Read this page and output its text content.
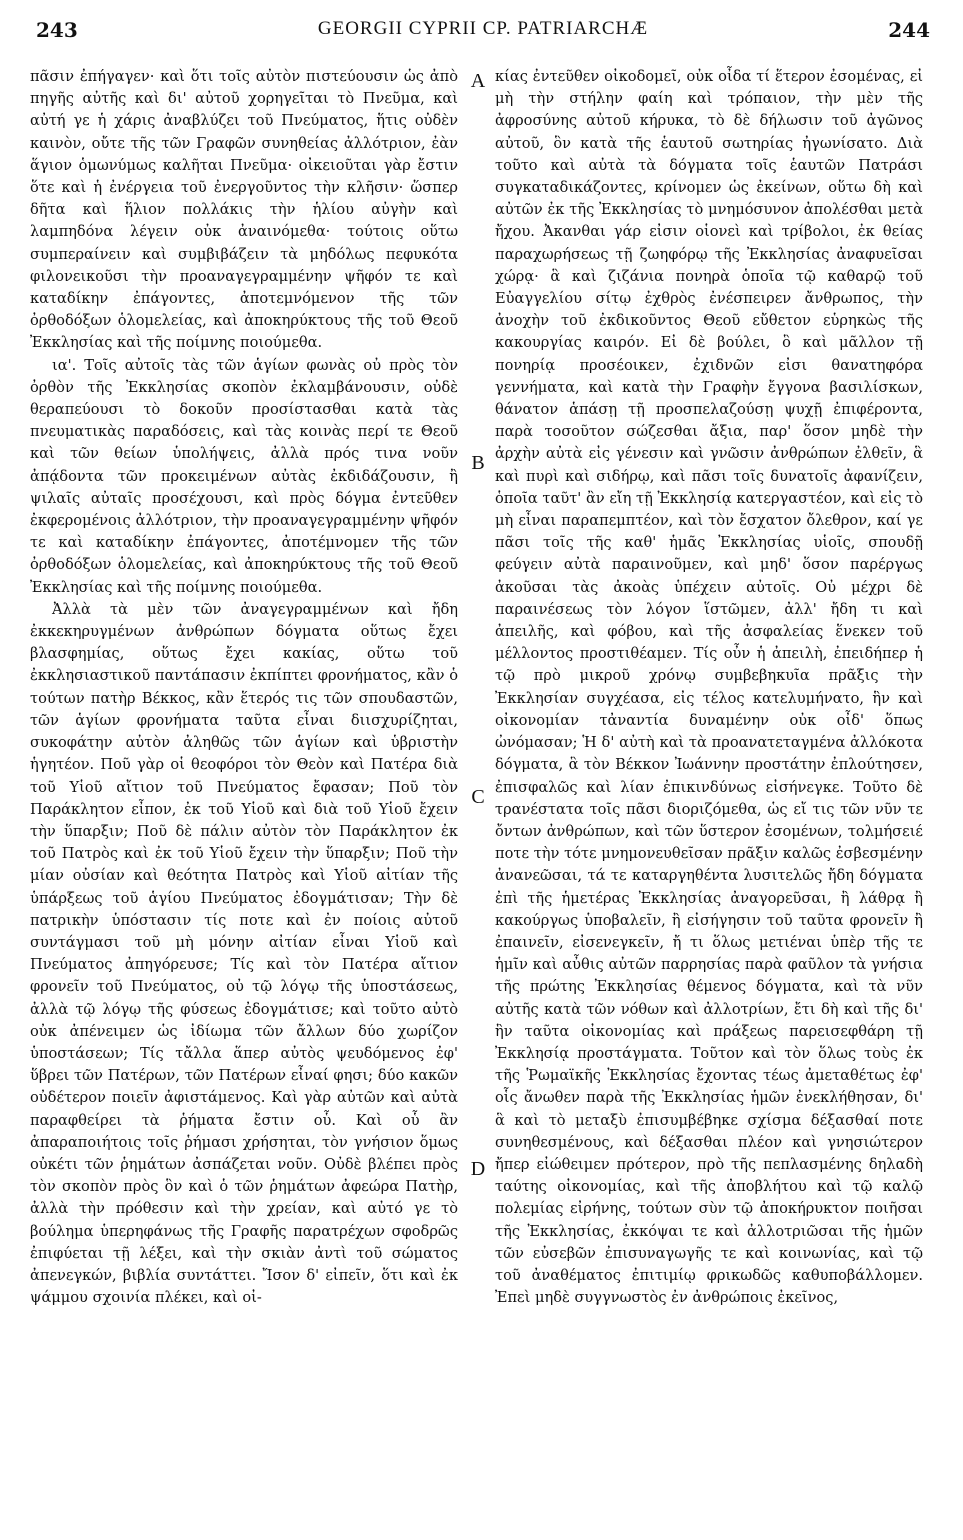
243	GEORGII CYPRII CP. PATRIARCHÆ	244

πᾶσιν ἐπήγαγεν· καὶ ὅτι τοῖς αὐτὸν πιστεύουσιν ὡς ἀπὸ πηγῆς αὐτῆς καὶ δι' αὐτοῦ χορηγεῖται τὸ Πνεῦμα, καὶ αὐτή γε ἡ χάρις ἀναβλύζει τοῦ Πνεύματος, ἥτις οὐδὲν καινὸν, οὔτε τῆς τῶν Γραφῶν συνηθείας ἀλλότριον, ἐὰν ἅγιον ὁμωνύμως καλῆται Πνεῦμα· οἰκειοῦται γὰρ ἔστιν ὅτε καὶ ἡ ἐνέργεια τοῦ ἐνεργοῦντος τὴν κλῆσιν· ὥσπερ δῆτα καὶ ἥλιον πολλάκις τὴν ἡλίου αὐγὴν καὶ λαμπηδόνα λέγειν οὐκ ἀναινόμεθα· τούτοις οὕτω συμπεραίνειν καὶ συμβιβάζειν τὰ μηδόλως πεφυκότα φιλονεικοῦσι τὴν προαναγεγραμμένην ψῆφόν τε καὶ καταδίκην ἐπάγοντες, ἀποτεμνόμενον τῆς τῶν ὀρθοδόξων ὁλομελείας, καὶ ἀποκηρύκτους τῆς τοῦ Θεοῦ Ἐκκλησίας καὶ τῆς ποίμνης ποιούμεθα.

ια'. Τοῖς αὐτοῖς τὰς τῶν ἁγίων φωνὰς οὐ πρὸς τὸν ὀρθὸν τῆς Ἐκκλησίας σκοπὸν ἐκλαμβάνουσιν, οὐδὲ θεραπεύουσι τὸ δοκοῦν προσίστασθαι κατὰ τὰς πνευματικὰς παραδόσεις, καὶ τὰς κοινὰς περί τε Θεοῦ καὶ τῶν θείων ὑπολήψεις, ἀλλὰ πρός τινα νοῦν ἀπᾴδοντα τῶν προκειμένων αὐτὰς ἐκδιδάζουσιν, ἢ ψιλαῖς αὐταῖς προσέχουσι, καὶ πρὸς δόγμα ἐντεῦθεν ἐκφερομένοις ἀλλότριον, τὴν προαναγεγραμμένην ψῆφόν τε καὶ καταδίκην ἐπάγοντες, ἀποτέμνομεν τῆς τῶν ὀρθοδόξων ὁλομελείας, καὶ ἀποκηρύκτους τῆς τοῦ Θεοῦ Ἐκκλησίας καὶ τῆς ποίμνης ποιούμεθα.

Ἀλλὰ τὰ μὲν τῶν ἀναγεγραμμένων καὶ ἤδη ἐκκεκηρυγμένων ἀνθρώπων δόγματα οὕτως ἔχει βλασφημίας, οὕτως ἔχει κακίας, οὕτω τοῦ ἐκκλησιαστικοῦ παντάπασιν ἐκπίπτει φρονήματος, κἂν ὁ τούτων πατὴρ Βέκκος, κἂν ἕτερός τις τῶν σπουδαστῶν, τῶν ἁγίων φρονήματα ταῦτα εἶναι διισχυρίζηται, συκοφάτην αὐτὸν ἀληθῶς τῶν ἁγίων καὶ ὑβριστὴν ἡγητέον. Ποῦ γὰρ οἱ θεοφόροι τὸν Θεὸν καὶ Πατέρα διὰ τοῦ Υἱοῦ αἴτιον τοῦ Πνεύματος ἔφασαν; Ποῦ τὸν Παράκλητον εἶπον, ἐκ τοῦ Υἱοῦ καὶ διὰ τοῦ Υἱοῦ ἔχειν τὴν ὕπαρξιν; Ποῦ δὲ πάλιν αὐτὸν τὸν Παράκλητον ἐκ τοῦ Πατρὸς καὶ ἐκ τοῦ Υἱοῦ ἔχειν τὴν ὕπαρξιν; Ποῦ τὴν μίαν οὐσίαν καὶ θεότητα Πατρὸς καὶ Υἱοῦ αἰτίαν τῆς ὑπάρξεως τοῦ ἁγίου Πνεύματος ἐδογμάτισαν; Τὴν δὲ πατρικὴν ὑπόστασιν τίς ποτε καὶ ἐν ποίοις αὐτοῦ συντάγμασι τοῦ μὴ μόνην αἰτίαν εἶναι Υἱοῦ καὶ Πνεύματος ἀπηγόρευσε; Τίς καὶ τὸν Πατέρα αἴτιον φρονεῖν τοῦ Πνεύματος, οὐ τῷ λόγῳ τῆς ὑποστάσεως, ἀλλὰ τῷ λόγῳ τῆς φύσεως ἐδογμάτισε; καὶ τοῦτο αὐτὸ οὐκ ἀπένειμεν ὡς ἰδίωμα τῶν ἄλλων δύο χωρίζον ὑποστάσεων; Τίς τἄλλα ἅπερ αὐτὸς ψευδόμενος ἐφ' ὕβρει τῶν Πατέρων, τῶν Πατέρων εἶναί φησι; δύο κακῶν οὐδέτερον ποιεῖν ἀφιστάμενος. Καὶ γὰρ αὐτῶν καὶ αὐτὰ παραφθείρει τὰ ῥήματα ἔστιν οὗ. Καὶ οὗ ἂν ἀπαραποιήτοις τοῖς ῥήμασι χρήσηται, τὸν γνήσιον ὅμως οὐκέτι τῶν ῥημάτων ἀσπάζεται νοῦν. Οὐδὲ βλέπει πρὸς τὸν σκοπὸν πρὸς ὃν καὶ ὁ τῶν ῥημάτων ἀφεώρα Πατὴρ, ἀλλὰ τὴν πρόθεσιν καὶ τὴν χρείαν, καὶ αὐτό γε τὸ βούλημα ὑπερηφάνως τῆς Γραφῆς παρατρέχων σφοδρῶς ἐπιφύεται τῇ λέξει, καὶ τὴν σκιὰν ἀντὶ τοῦ σώματος ἀπενεγκών, βιβλία συντάττει. Ἴσον δ' εἰπεῖν, ὅτι καὶ ἐκ ψάμμου σχοινία πλέκει, καὶ οἰ-

κίας ἐντεῦθεν οἰκοδομεῖ, οὐκ οἶδα τί ἕτερον ἐσομένας, εἰ μὴ τὴν στήλην φαίη καὶ τρόπαιον, τὴν μὲν τῆς ἀφροσύνης αὐτοῦ κήρυκα, τὸ δὲ δήλωσιν τοῦ ἀγῶνος αὐτοῦ, ὃν κατὰ τῆς ἑαυτοῦ σωτηρίας ἠγωνίσατο. Διὰ τοῦτο καὶ αὐτὰ τὰ δόγματα τοῖς ἑαυτῶν Πατράσι συγκαταδικάζοντες, κρίνομεν ὡς ἐκείνων, οὕτω δὴ καὶ αὐτῶν ἐκ τῆς Ἐκκλησίας τὸ μνημόσυνον ἀπολέσθαι μετὰ ἤχου. Ἀκανθαι γάρ εἰσιν οἱονεὶ καὶ τρίβολοι, ἐκ θείας παραχωρήσεως τῇ ζωηφόρῳ τῆς Ἐκκλησίας ἀναφυεῖσαι χώρᾳ· ἃ καὶ ζιζάνια πονηρὰ ὁποῖα τῷ καθαρῷ τοῦ Εὐαγγελίου σίτῳ ἐχθρὸς ἐνέσπειρεν ἄνθρωπος, τὴν ἀνοχὴν τοῦ ἐκδικοῦντος Θεοῦ εὔθετον εὑρηκὼς τῆς κακουργίας καιρόν. Εἰ δὲ βούλει, ὃ καὶ μᾶλλον τῇ πονηρίᾳ προσέοικεν, ἐχιδνῶν εἰσι θανατηφόρα γεννήματα, καὶ κατὰ τὴν Γραφὴν ἔγγονα βασιλίσκων, θάνατον ἁπάσῃ τῇ προσπελαζούσῃ ψυχῇ ἐπιφέροντα, παρὰ τοσοῦτον σώζεσθαι ἄξια, παρ' ὅσον μηδὲ τὴν ἀρχὴν αὐτὰ εἰς γένεσιν καὶ γνῶσιν ἀνθρώπων ἐλθεῖν, ἃ καὶ πυρὶ καὶ σιδήρῳ, καὶ πᾶσι τοῖς δυνατοῖς ἀφανίζειν, ὁποῖα ταῦτ' ἂν εἴη τῇ Ἐκκλησίᾳ κατεργαστέον, καὶ εἰς τὸ μὴ εἶναι παραπεμπτέον, καὶ τὸν ἔσχατον ὄλεθρον, καί γε πᾶσι τοῖς τῆς καθ' ἡμᾶς Ἐκκλησίας υἱοῖς, σπουδῇ φεύγειν αὐτὰ παραινοῦμεν, καὶ μηδ' ὅσον παρέργως ἀκοῦσαι τὰς ἀκοὰς ὑπέχειν αὐτοῖς. Οὐ μέχρι δὲ παραινέσεως τὸν λόγον ἵστῶμεν, ἀλλ' ἤδη τι καὶ ἀπειλῆς, καὶ φόβου, καὶ τῆς ἀσφαλείας ἕνεκεν τοῦ μέλλοντος προστιθέαμεν. Τίς οὖν ἡ ἀπειλὴ, ἐπειδήπερ ἡ τῷ πρὸ μικροῦ χρόνῳ συμβεβηκυῖα πρᾶξις τὴν Ἐκκλησίαν συγχέασα, εἰς τέλος κατελυμήνατο, ἣν καὶ οἰκονομίαν τἀναντία δυναμένην οὐκ οἶδ' ὅπως ὠνόμασαν; Ἡ δ' αὐτὴ καὶ τὰ προανατεταγμένα ἀλλόκοτα δόγματα, ἃ τὸν Βέκκον Ἰωάννην προστάτην ἐπλούτησεν, ἐπισφαλῶς καὶ λίαν ἐπικινδύνως εἰσήνεγκε. Τοῦτο δὲ τρανέστατα τοῖς πᾶσι διοριζόμεθα, ὡς εἴ τις τῶν νῦν τε ὄντων ἀνθρώπων, καὶ τῶν ὕστερον ἐσομένων, τολμήσειέ ποτε τὴν τότε μνημονευθεῖσαν πρᾶξιν καλῶς ἐσβεσμένην ἀνανεῶσαι, τά τε καταργηθέντα λυσιτελῶς ἤδη δόγματα ἐπὶ τῆς ἡμετέρας Ἐκκλησίας ἀναγορεῦσαι, ἢ λάθρᾳ ἢ κακούργως ὑποβαλεῖν, ἢ εἰσήγησιν τοῦ ταῦτα φρονεῖν ἢ ἐπαινεῖν, εἰσενεγκεῖν, ἤ τι ὅλως μετιέναι ὑπὲρ τῆς τε ἡμῖν καὶ αὖθις αὐτῶν παρρησίας παρὰ φαῦλον τὰ γνήσια τῆς πρώτης Ἐκκλησίας θέμενος δόγματα, καὶ τὰ νῦν αὐτῆς κατὰ τῶν νόθων καὶ ἀλλοτρίων, ἔτι δὴ καὶ τῆς δι' ἣν ταῦτα οἰκονομίας καὶ πράξεως παρεισεφθάρη τῇ Ἐκκλησίᾳ προστάγματα. Τοῦτον καὶ τὸν ὅλως τοὺς ἐκ τῆς Ῥωμαϊκῆς Ἐκκλησίας ἔχοντας τέως ἀμεταθέτως ἐφ' οἷς ἄνωθεν παρὰ τῆς Ἐκκλησίας ἡμῶν ἐνεκλήθησαν, δι' ἃ καὶ τὸ μεταξὺ ἐπισυμβέβηκε σχίσμα δέξασθαί ποτε συνηθεσμένους, καὶ δέξασθαι πλέον καὶ γνησιώτερον ἤπερ εἰώθειμεν πρότερον, πρὸ τῆς πεπλασμένης δηλαδὴ ταύτης οἰκονομίας, καὶ τῆς ἀποβλήτου καὶ τῷ καλῷ πολεμίας εἰρήνης, τούτων σὺν τῷ ἀποκήρυκτον ποιῆσαι τῆς Ἐκκλησίας, ἐκκόψαι τε καὶ ἀλλοτριῶσαι τῆς ἡμῶν τῶν εὐσεβῶν ἐπισυναγωγῆς τε καὶ κοινωνίας, καὶ τῷ τοῦ ἀναθέματος ἐπιτιμίῳ φρικωδῶς καθυποβάλλομεν. Ἐπεὶ μηδὲ συγγνωστὸς ἐν ἀνθρώποις ἐκεῖνος,

A
B
C
D
